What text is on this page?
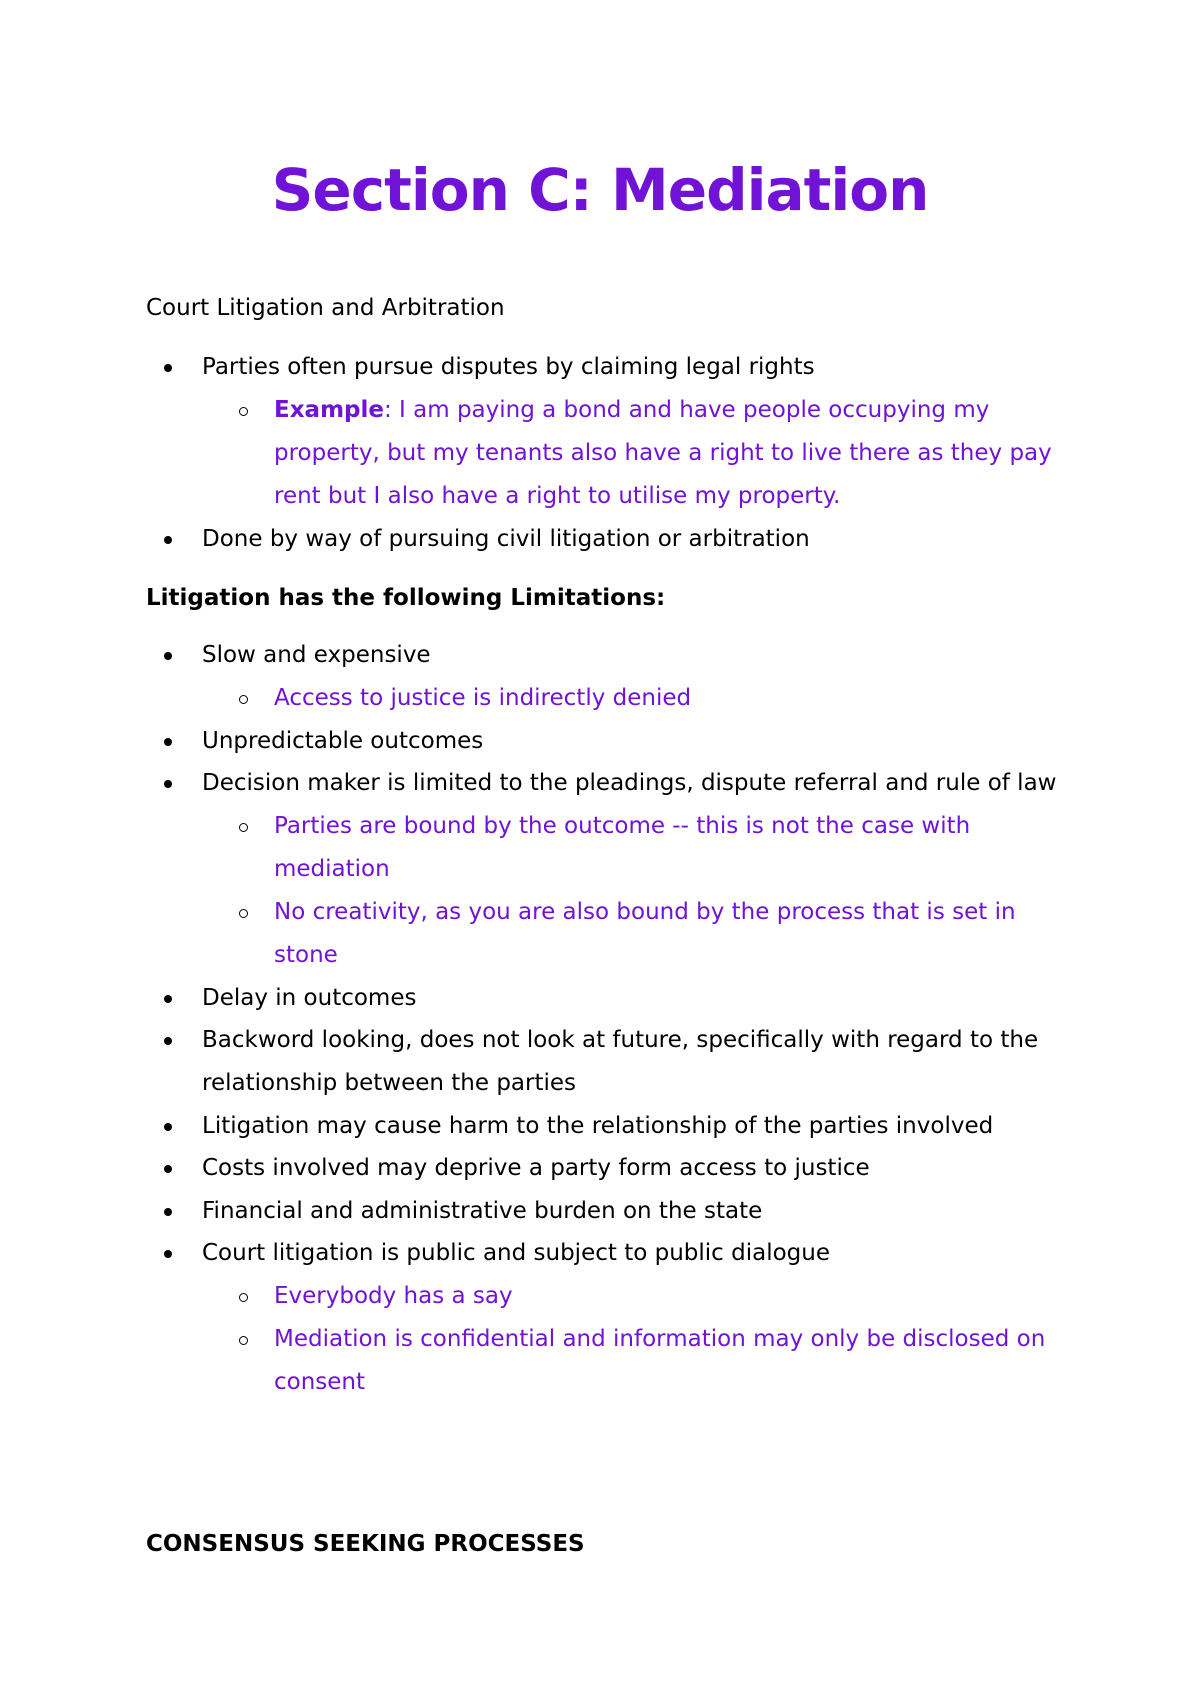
Section C: Mediation
Court Litigation and Arbitration
Parties often pursue disputes by claiming legal rights
Example: I am paying a bond and have people occupying my property, but my tenants also have a right to live there as they pay rent but I also have a right to utilise my property.
Done by way of pursuing civil litigation or arbitration
Litigation has the following Limitations:
Slow and expensive
Access to justice is indirectly denied
Unpredictable outcomes
Decision maker is limited to the pleadings, dispute referral and rule of law
Parties are bound by the outcome -- this is not the case with mediation
No creativity, as you are also bound by the process that is set in stone
Delay in outcomes
Backword looking, does not look at future, specifically with regard to the relationship between the parties
Litigation may cause harm to the relationship of the parties involved
Costs involved may deprive a party form access to justice
Financial and administrative burden on the state
Court litigation is public and subject to public dialogue
Everybody has a say
Mediation is confidential and information may only be disclosed on consent
CONSENSUS SEEKING PROCESSES
